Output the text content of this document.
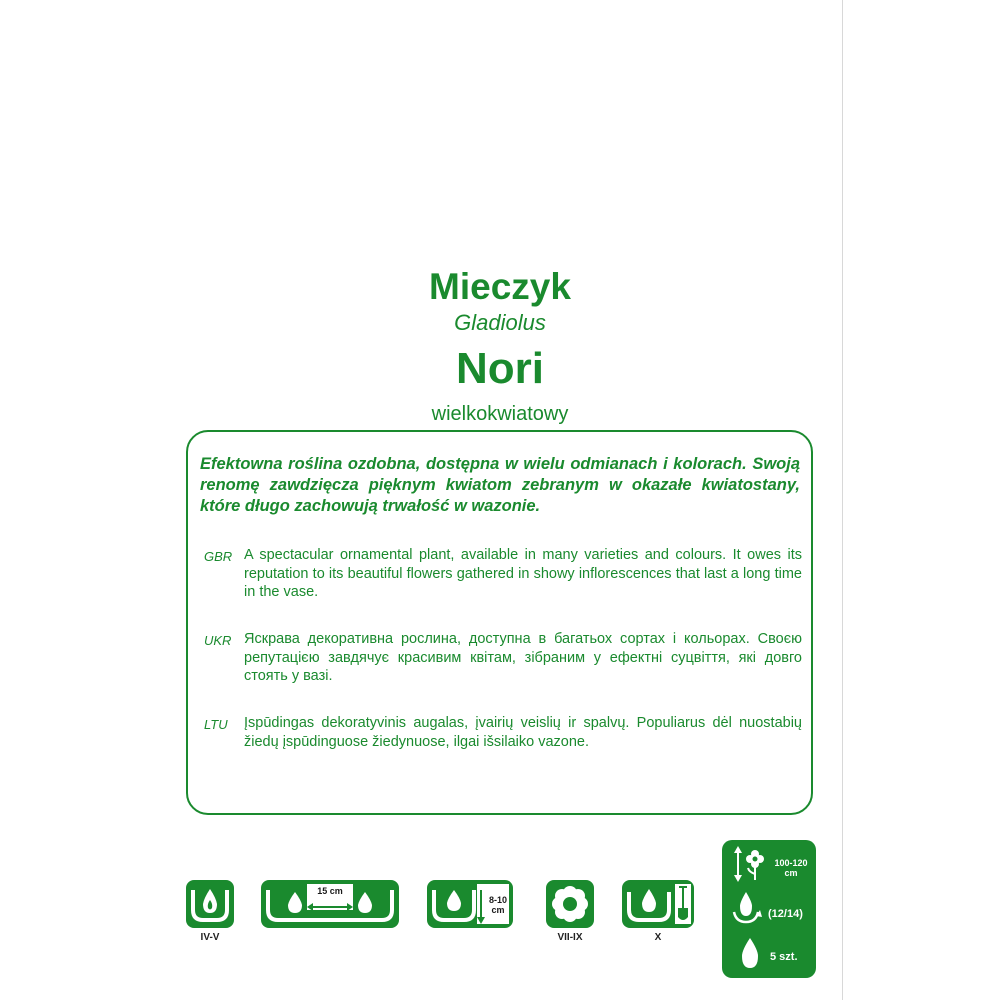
Mieczyk
Gladiolus
Nori
wielkokwiatowy
Efektowna roślina ozdobna, dostępna w wielu odmianach i kolorach. Swoją renomę zawdzięcza pięknym kwiatom zebranym w okazałe kwiatostany, które długo zachowują trwałość w wazonie.
GBR A spectacular ornamental plant, available in many varieties and colours. It owes its reputation to its beautiful flowers gathered in showy inflorescences that last a long time in the vase.
UKR Яскрава декоративна рослина, доступна в багатьох сортах і кольорах. Своєю репутацією завдячує красивим квітам, зібраним у ефектні суцвіття, які довго стоять у вазі.
LTU Įspūdingas dekoratyvinis augalas, įvairių veislių ir spalvų. Populiarus dėl nuostabių žiedų įspūdinguose žiedynuose, ilgai išsilaiko vazone.
IV-V
15 cm
8-10
cm
VII-IX	X
100-120
cm
(12/14)
5 szt.
